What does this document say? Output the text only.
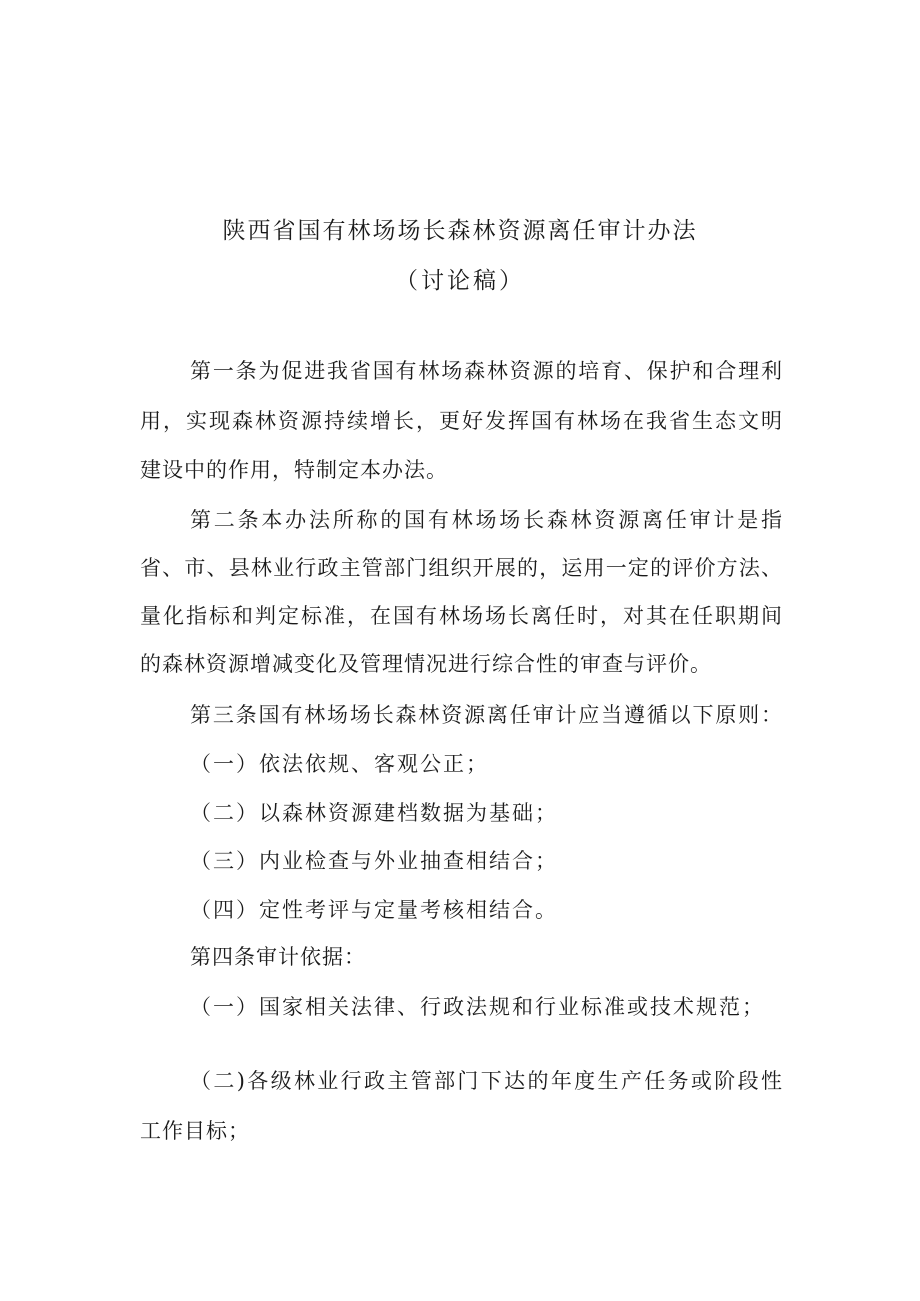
陕西省国有林场场长森林资源离任审计办法
（讨论稿）
第一条为促进我省国有林场森林资源的培育、保护和合理利
用，实现森林资源持续增长，更好发挥国有林场在我省生态文明
建设中的作用，特制定本办法。
第二条本办法所称的国有林场场长森林资源离任审计是指
省、市、县林业行政主管部门组织开展的，运用一定的评价方法、
量化指标和判定标准，在国有林场场长离任时，对其在任职期间
的森林资源增减变化及管理情况进行综合性的审查与评价。
第三条国有林场场长森林资源离任审计应当遵循以下原则：
（一）依法依规、客观公正；
（二）以森林资源建档数据为基础；
（三）内业检查与外业抽查相结合；
（四）定性考评与定量考核相结合。
第四条审计依据：
（一）国家相关法律、行政法规和行业标准或技术规范；
（二)各级林业行政主管部门下达的年度生产任务或阶段性
工作目标；
